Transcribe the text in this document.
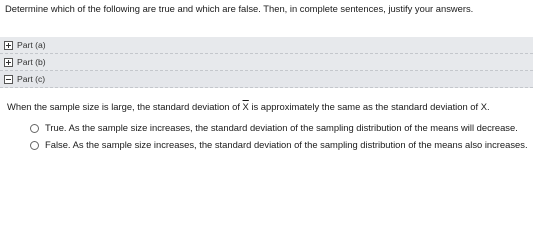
Determine which of the following are true and which are false. Then, in complete sentences, justify your answers.
Part (a)
Part (b)
Part (c)
When the sample size is large, the standard deviation of $\overline{X}$ is approximately the same as the standard deviation of X.
True. As the sample size increases, the standard deviation of the sampling distribution of the means will decrease.
False. As the sample size increases, the standard deviation of the sampling distribution of the means also increases.
